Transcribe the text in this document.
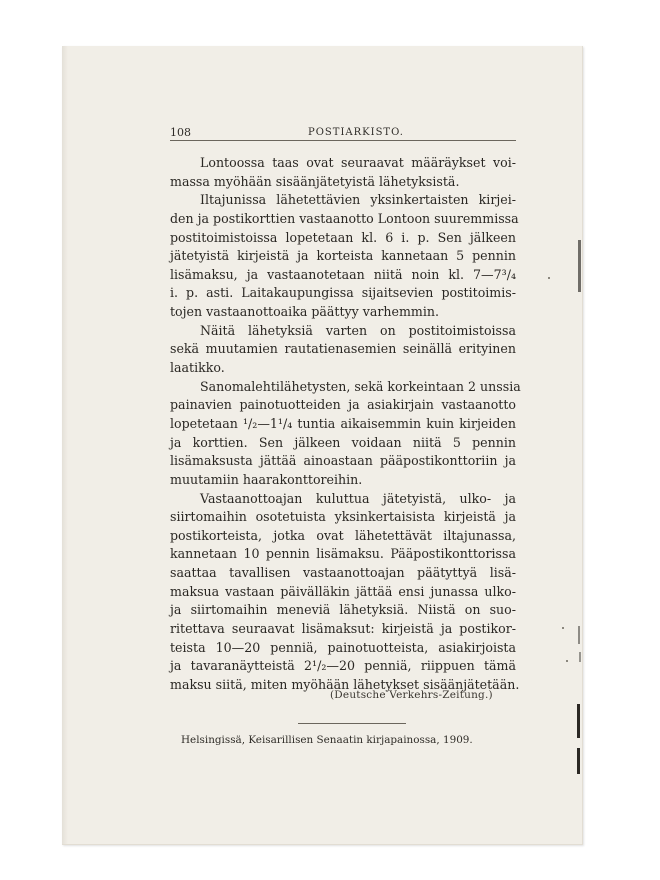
108	POSTIARKISTO.
Lontoossa taas ovat seuraavat määräykset voi-
massa myöhään sisäänjätetyistä lähetyksistä.
Iltajunissa lähetettävien yksinkertaisten kirjei-
den ja postikorttien vastaanotto Lontoon suuremmissa
postitoimistoissa lopetetaan kl. 6 i. p. Sen jälkeen
jätetyistä kirjeistä ja korteista kannetaan 5 pennin
lisämaksu, ja vastaanotetaan niitä noin kl. 7—7³/₄
i. p. asti. Laitakaupungissa sijaitsevien postitoimis-
tojen vastaanottoaika päättyy varhemmin.
Näitä lähetyksiä varten on postitoimistoissa
sekä muutamien rautatienasemien seinällä erityinen
laatikko.
Sanomalehtilähetysten, sekä korkeintaan 2 unssia
painavien painotuotteiden ja asiakirjain vastaanotto
lopetetaan ¹/₂—1¹/₄ tuntia aikaisemmin kuin kirjeiden
ja korttien. Sen jälkeen voidaan niitä 5 pennin
lisämaksusta jättää ainoastaan pääpostikonttoriin ja
muutamiin haarakonttoreihin.
Vastaanottoajan kuluttua jätetyistä, ulko- ja
siirtomaihin osotetuista yksinkertaisista kirjeistä ja
postikorteista, jotka ovat lähetettävät iltajunassa,
kannetaan 10 pennin lisämaksu. Pääpostikonttorissa
saattaa tavallisen vastaanottoajan päätyttyä lisä-
maksua vastaan päivälläkin jättää ensi junassa ulko-
ja siirtomaihin meneviä lähetyksiä. Niistä on suo-
ritettava seuraavat lisämaksut: kirjeistä ja postikor-
teista 10—20 penniä, painotuotteista, asiakirjoista
ja tavaranäytteistä 2¹/₂—20 penniä, riippuen tämä
maksu siitä, miten myöhään lähetykset sisäänjätetään.
(Deutsche Verkehrs-Zeitung.)
Helsingissä, Keisarillisen Senaatin kirjapainossa, 1909.
